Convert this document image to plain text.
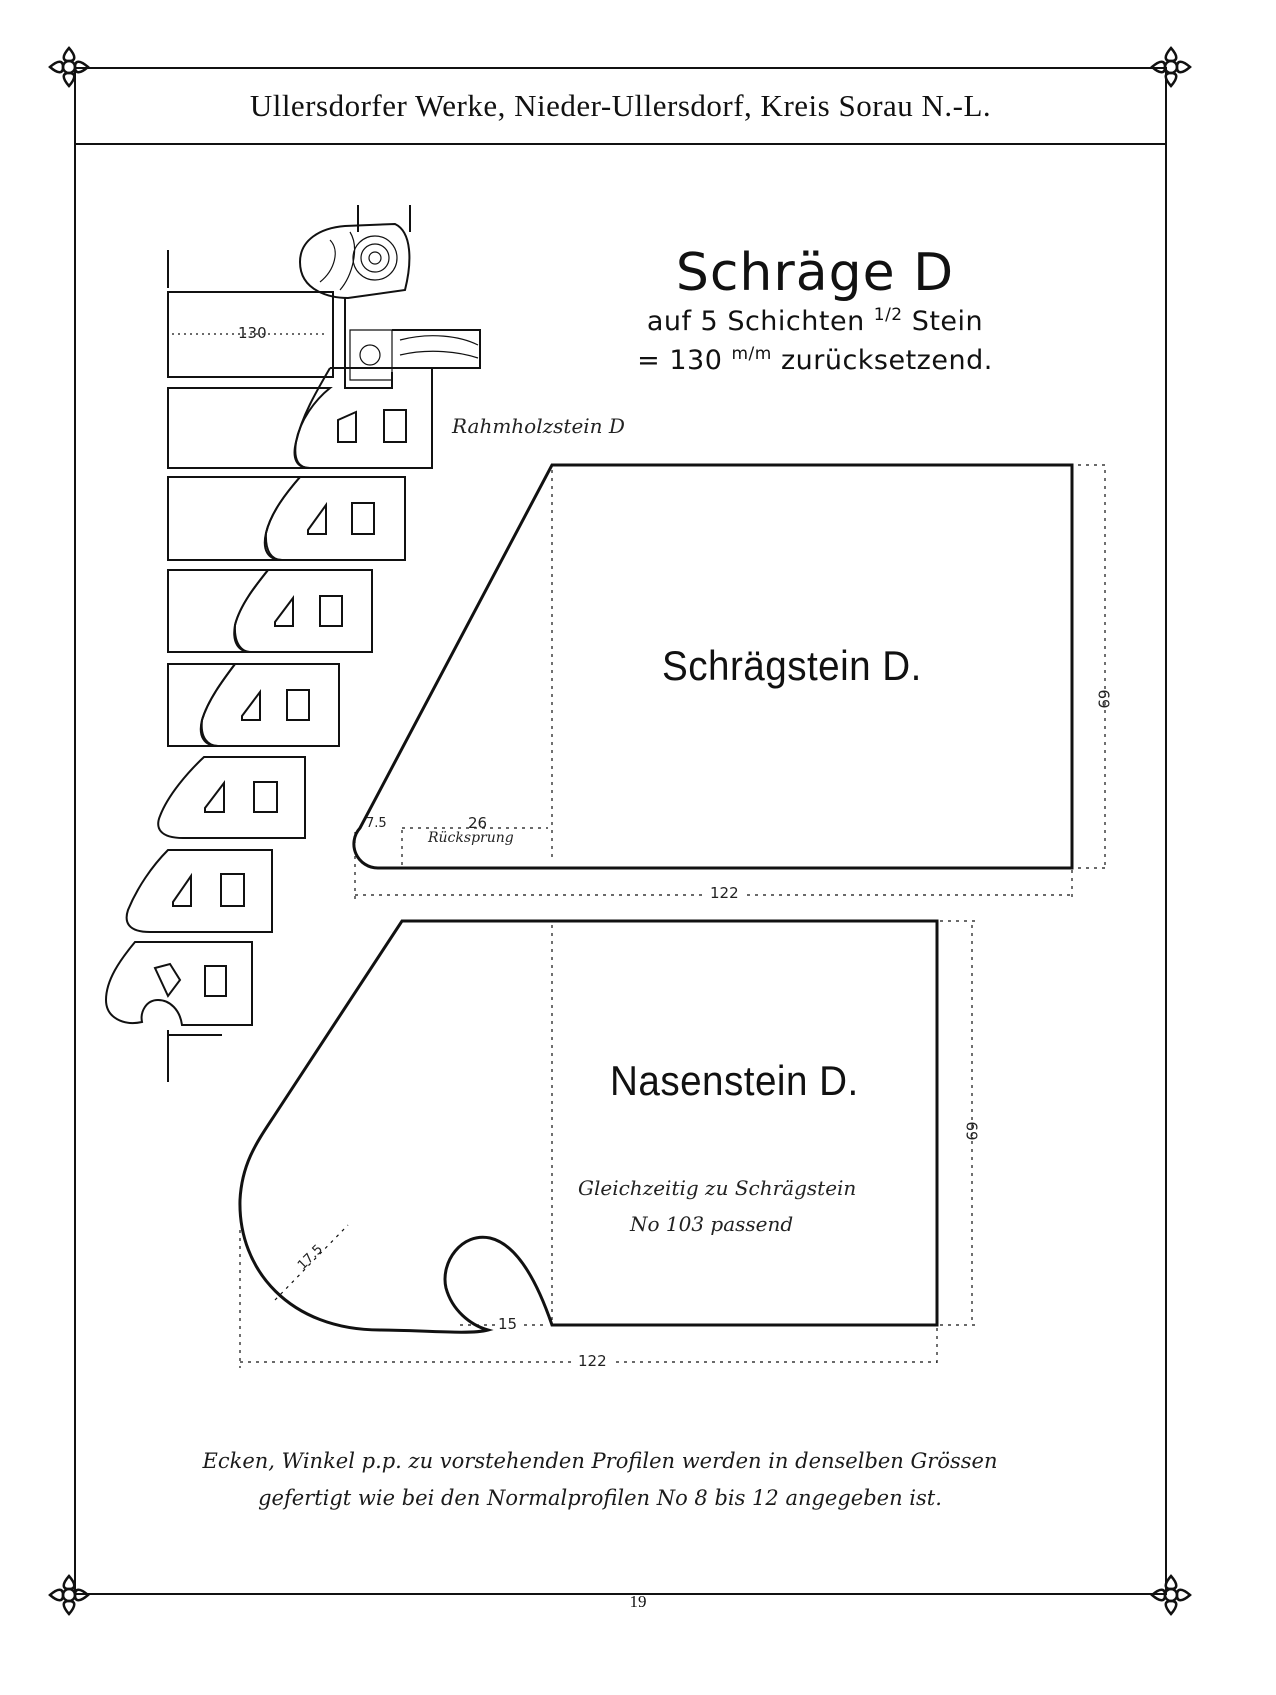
Ullersdorfer Werke, Nieder-Ullersdorf, Kreis Sorau N.-L.
Schräge D
auf 5 Schichten $^{1/2}$ Stein
= 130 $^{m/m}$ zurücksetzend.
130
Rahmholzstein D
Schrägstein D.
69
122
7.5	26
Rücksprung
Nasenstein D.
69
122
17.5
15
Gleichzeitig zu Schrägstein
No 103 passend
Ecken, Winkel p.p. zu vorstehenden Profilen werden in denselben Grössen
gefertigt wie bei den Normalprofilen No 8 bis 12 angegeben ist.
19
